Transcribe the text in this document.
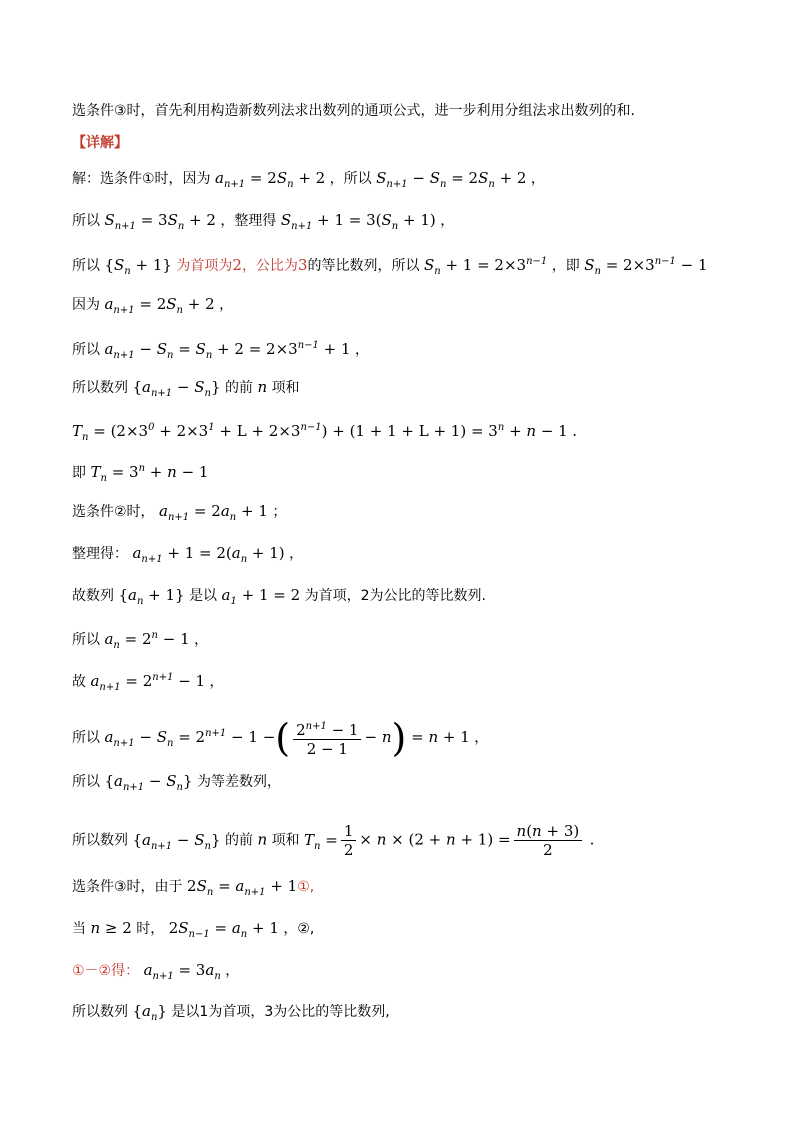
选条件③时，首先利用构造新数列法求出数列的通项公式，进一步利用分组法求出数列的和.
【详解】
解：选条件①时，因为 $a_{n+1} = 2S_n + 2$ ，所以 $S_{n+1} - S_n = 2S_n + 2$ ，
所以 $S_{n+1} = 3S_n + 2$ ，整理得 $S_{n+1} + 1 = 3(S_n + 1)$ ，
所以 $\{S_n + 1\}$ 为首项为2，公比为3的等比数列，所以 $S_n + 1 = 2\times 3^{n-1}$ ，即 $S_n = 2\times 3^{n-1} - 1$
因为 $a_{n+1} = 2S_n + 2$ ，
所以 $a_{n+1} - S_n = S_n + 2 = 2\times 3^{n-1} + 1$ ，
所以数列 $\{a_{n+1} - S_n\}$ 的前 n 项和
$T_n = (2\times 3^0 + 2\times 3^1 + L + 2\times 3^{n-1}) + (1 + 1 + L + 1) = 3^n + n - 1$ .
即 $T_n = 3^n + n - 1$
选条件②时， $a_{n+1} = 2a_n + 1$ ；
整理得： $a_{n+1} + 1 = 2(a_n + 1)$ ，
故数列 $\{a_n + 1\}$ 是以 $a_1 + 1 = 2$ 为首项，2为公比的等比数列.
所以 $a_n = 2^n - 1$ ，
故 $a_{n+1} = 2^{n+1} - 1$ ，
所以 $a_{n+1} - S_n = 2^{n+1} - 1$ −( $\frac{2^{n+1} - 1}{2 - 1} - n) = n + 1$ ，
所以 $\{a_{n+1} - S_n\}$ 为等差数列，
所以数列 $\{a_{n+1} - S_n\}$ 的前 n 项和 $T_n = \frac{1}{2} \times n \times (2 + n + 1) = \frac{n(n + 3)}{2}$ .
选条件③时，由于 $2S_n = a_{n+1}$ + 1①,
当 n ≥ 2 时， $2S_{n-1} = a_n + 1$ ，②,
①－②得： $a_{n+1} = 3a_n$ ，
所以数列 $\{a_n\}$ 是以1为首项，3为公比的等比数列,
